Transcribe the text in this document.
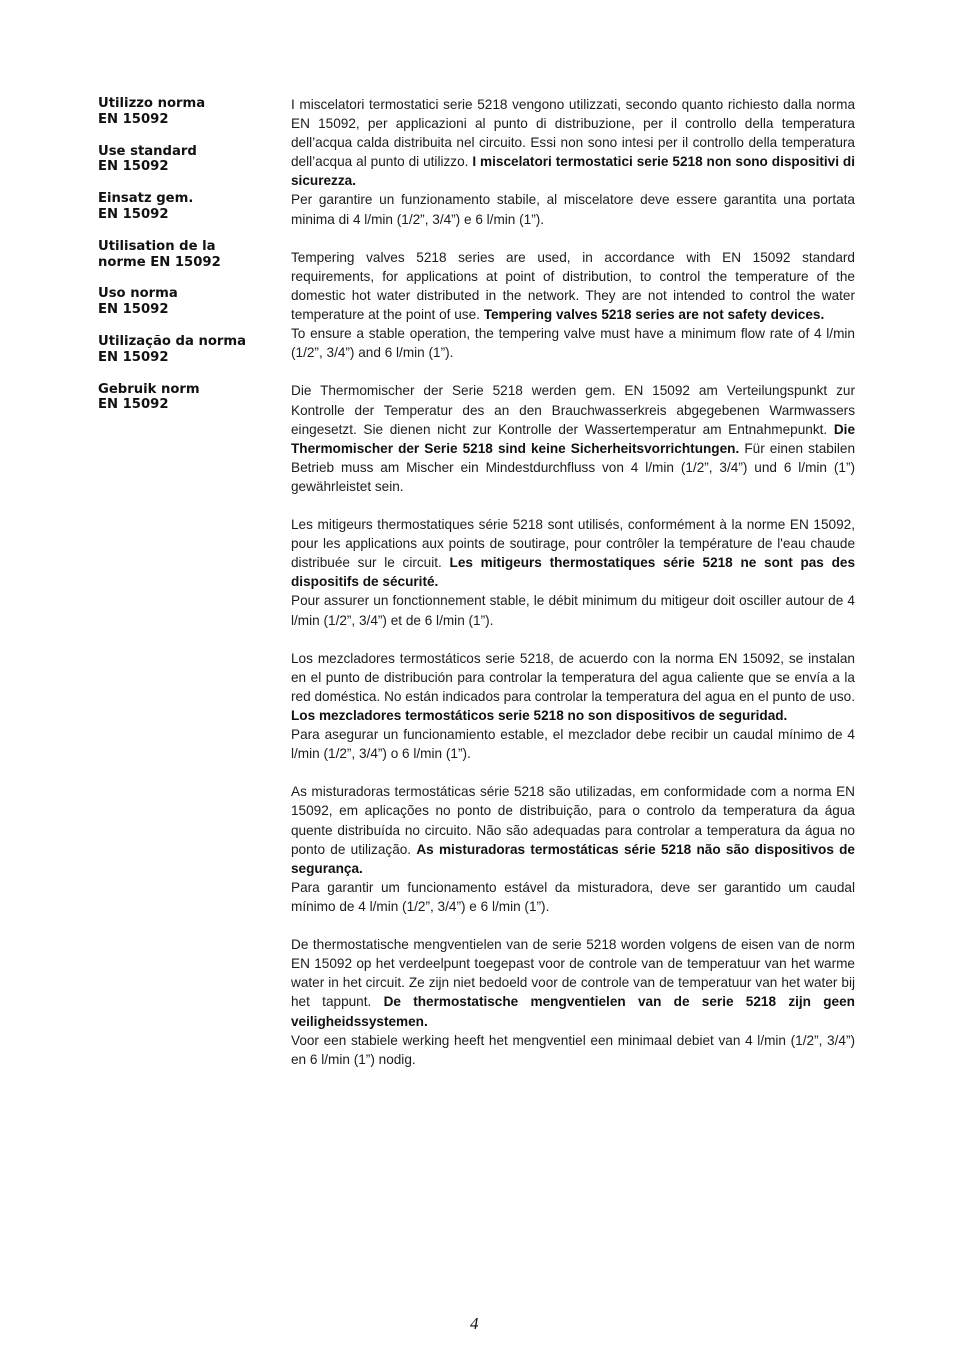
Utilizzo norma
EN 15092
Use standard
EN 15092
Einsatz gem.
EN 15092
Utilisation de la
norme EN 15092
Uso norma
EN 15092
Utilização da norma
EN 15092
Gebruik norm
EN 15092

I miscelatori termostatici serie 5218 vengono utilizzati, secondo quanto richiesto dalla norma EN 15092, per applicazioni al punto di distribuzione, per il controllo della temperatura dell’acqua calda distribuita nel circuito. Essi non sono intesi per il controllo della temperatura dell’acqua al punto di utilizzo. I miscelatori termostatici serie 5218 non sono dispositivi di sicurezza.

Per garantire un funzionamento stabile, al miscelatore deve essere garantita una portata minima di 4 l/min (1/2”, 3/4”) e 6 l/min (1”).

Tempering valves 5218 series are used, in accordance with EN 15092 standard requirements, for applications at point of distribution, to control the temperature of the domestic hot water distributed in the network. They are not intended to control the water temperature at the point of use. Tempering valves 5218 series are not safety devices.

To ensure a stable operation, the tempering valve must have a minimum flow rate of 4 l/min (1/2”, 3/4”) and 6 l/min (1”).

Die Thermomischer der Serie 5218 werden gem. EN 15092 am Verteilungspunkt zur Kontrolle der Temperatur des an den Brauchwasserkreis abgegebenen Warmwassers eingesetzt. Sie dienen nicht zur Kontrolle der Wassertemperatur am Entnahmepunkt. Die Thermomischer der Serie 5218 sind keine Sicherheitsvorrichtungen. Für einen stabilen Betrieb muss am Mischer ein Mindestdurchfluss von 4 l/min (1/2”, 3/4”) und 6 l/min (1”) gewährleistet sein.

Les mitigeurs thermostatiques série 5218 sont utilisés, conformément à la norme EN 15092, pour les applications aux points de soutirage, pour contrôler la température de l'eau chaude distribuée sur le circuit. Les mitigeurs thermostatiques série 5218 ne sont pas des dispositifs de sécurité.

Pour assurer un fonctionnement stable, le débit minimum du mitigeur doit osciller autour de 4 l/min (1/2”, 3/4”) et de 6 l/min (1”).

Los mezcladores termostáticos serie 5218, de acuerdo con la norma EN 15092, se instalan en el punto de distribución para controlar la temperatura del agua caliente que se envía a la red doméstica. No están indicados para controlar la temperatura del agua en el punto de uso. Los mezcladores termostáticos serie 5218 no son dispositivos de seguridad.

Para asegurar un funcionamiento estable, el mezclador debe recibir un caudal mínimo de 4 l/min (1/2”, 3/4”) o 6 l/min (1”).

As misturadoras termostáticas série 5218 são utilizadas, em conformidade com a norma EN 15092, em aplicações no ponto de distribuição, para o controlo da temperatura da água quente distribuída no circuito. Não são adequadas para controlar a temperatura da água no ponto de utilização. As misturadoras termostáticas série 5218 não são dispositivos de segurança.

Para garantir um funcionamento estável da misturadora, deve ser garantido um caudal mínimo de 4 l/min (1/2”, 3/4”) e 6 l/min (1”).

De thermostatische mengventielen van de serie 5218 worden volgens de eisen van de norm EN 15092 op het verdeelpunt toegepast voor de controle van de temperatuur van het warme water in het circuit. Ze zijn niet bedoeld voor de controle van de temperatuur van het water bij het tappunt. De thermostatische mengventielen van de serie 5218 zijn geen veiligheidssystemen.

Voor een stabiele werking heeft het mengventiel een minimaal debiet van 4 l/min (1/2”, 3/4”) en 6 l/min (1”) nodig.

4
